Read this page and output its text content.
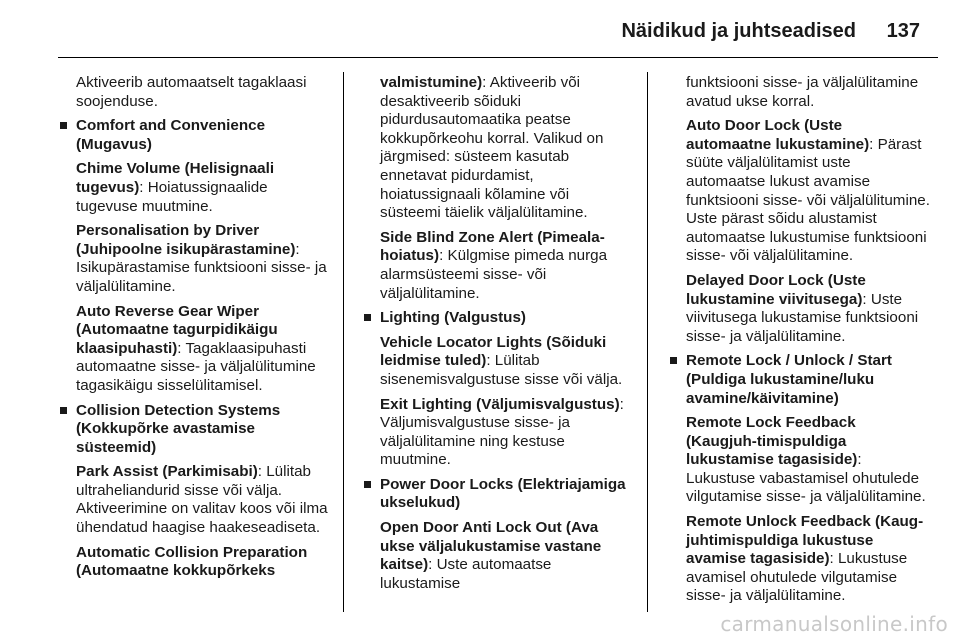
Näidikud ja juhtseadised 137

Aktiveerib automaatselt tagaklaasi soojenduse.

Comfort and Convenience (Mugavus)

Chime Volume (Helisignaali tugevus): Hoiatussignaalide tugevuse muutmine.

Personalisation by Driver (Juhipoolne isikupärastamine): Isikupärastamise funktsiooni sisse- ja väljalülitamine.

Auto Reverse Gear Wiper (Automaatne tagurpidikäigu klaasipuhasti): Tagaklaasipuhasti automaatne sisse- ja väljalülitumine tagasikäigu sisselülitamisel.

Collision Detection Systems (Kokkupõrke avastamise süsteemid)

Park Assist (Parkimisabi): Lülitab ultraheliandurid sisse või välja. Aktiveerimine on valitav koos või ilma ühendatud haagise haakeseadiseta.

Automatic Collision Preparation (Automaatne kokkupõrkeks

valmistumine): Aktiveerib või desaktiveerib sõiduki pidurdusautomaatika peatse kokkupõrkeohu korral. Valikud on järgmised: süsteem kasutab ennetavat pidurdamist, hoiatussignaali kõlamine või süsteemi täielik väljalülitamine.

Side Blind Zone Alert (Pimeala-hoiatus): Külgmise pimeda nurga alarmsüsteemi sisse- või väljalülitamine.

Lighting (Valgustus)

Vehicle Locator Lights (Sõiduki leidmise tuled): Lülitab sisenemisvalgustuse sisse või välja.

Exit Lighting (Väljumisvalgustus): Väljumisvalgustuse sisse- ja väljalülitamine ning kestuse muutmine.

Power Door Locks (Elektriajamiga ukselukud)

Open Door Anti Lock Out (Ava ukse väljalukustamise vastane kaitse): Uste automaatse lukustamise

funktsiooni sisse- ja väljalülitamine avatud ukse korral.

Auto Door Lock (Uste automaatne lukustamine): Pärast süüte väljalülitamist uste automaatse lukust avamise funktsiooni sisse- või väljalülitumine. Uste pärast sõidu alustamist automaatse lukustumise funktsiooni sisse- või väljalülitamine.

Delayed Door Lock (Uste lukustamine viivitusega): Uste viivitusega lukustamise funktsiooni sisse- ja väljalülitamine.

Remote Lock / Unlock / Start (Puldiga lukustamine/luku avamine/käivitamine)

Remote Lock Feedback (Kaugjuh-timispuldiga lukustamise tagasiside): Lukustuse vabastamisel ohutulede vilgutamise sisse- ja väljalülitamine.

Remote Unlock Feedback (Kaug-juhtimispuldiga lukustuse avamise tagasiside): Lukustuse avamisel ohutulede vilgutamise sisse- ja väljalülitamine.

carmanualsonline.info
